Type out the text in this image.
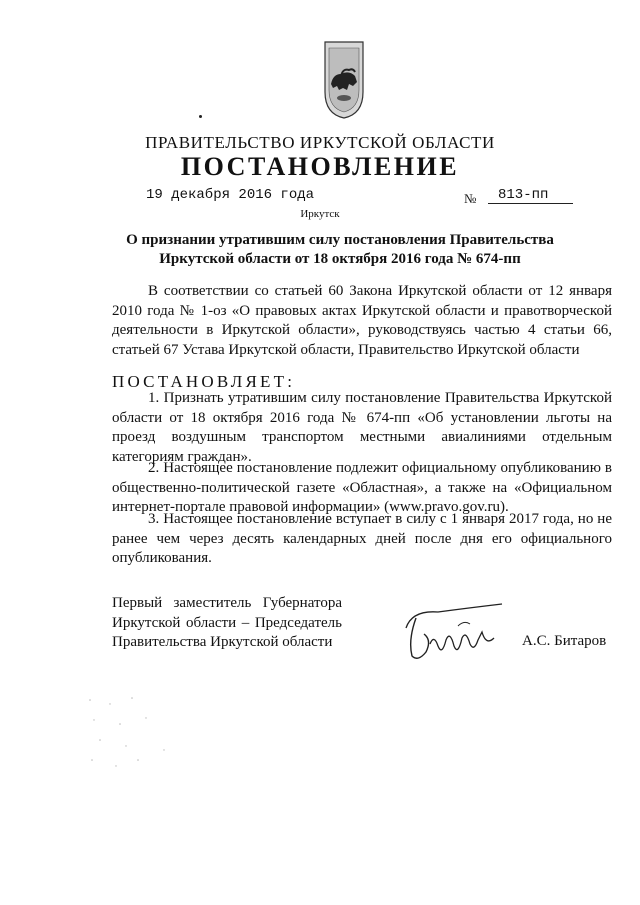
ПРАВИТЕЛЬСТВО ИРКУТСКОЙ ОБЛАСТИ
ПОСТАНОВЛЕНИЕ
19 декабря 2016 года	№	813-пп
Иркутск
О признании утратившим силу постановления Правительства
Иркутской области от 18 октября 2016 года № 674-пп
В соответствии со статьей 60 Закона Иркутской области от 12 января 2010 года № 1-оз «О правовых актах Иркутской области и правотворческой деятельности в Иркутской области», руководствуясь частью 4 статьи 66, статьей 67 Устава Иркутской области, Правительство Иркутской области
ПОСТАНОВЛЯЕТ:
1. Признать утратившим силу постановление Правительства Иркутской области от 18 октября 2016 года № 674-пп «Об установлении льготы на проезд воздушным транспортом местными авиалиниями отдельным категориям граждан».
2. Настоящее постановление подлежит официальному опубликованию в общественно-политической газете «Областная», а также на «Официальном интернет-портале правовой информации» (www.pravo.gov.ru).
3. Настоящее постановление вступает в силу с 1 января 2017 года, но не ранее чем через десять календарных дней после дня его официального опубликования.
Первый заместитель Губернатора
Иркутской области – Председатель
Правительства Иркутской области	А.С. Битаров
